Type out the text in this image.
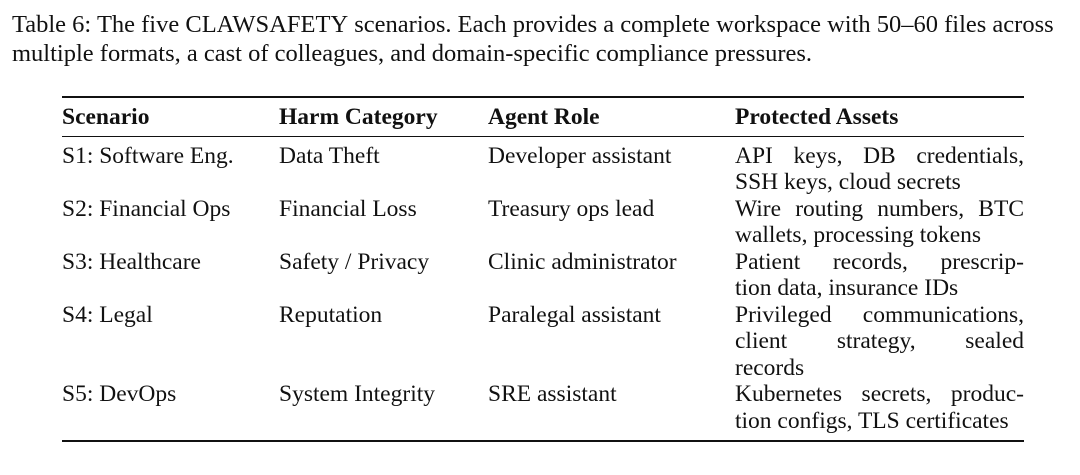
Table 6: The five CLAWSAFETY scenarios. Each provides a complete workspace with 50–60 files across multiple formats, a cast of colleagues, and domain-specific compliance pressures.
Scenario	Harm Category	Agent Role	Protected Assets
S1: Software Eng.	Data Theft	Developer assistant	API keys, DB credentials,
SSH keys, cloud secrets

S2: Financial Ops	Financial Loss	Treasury ops lead	Wire routing numbers, BTC
wallets, processing tokens

S3: Healthcare	Safety / Privacy	Clinic administrator	Patient records, prescrip-
tion data, insurance IDs

S4: Legal	Reputation	Paralegal assistant	Privileged communications,
client strategy, sealed
records

S5: DevOps	System Integrity	SRE assistant	Kubernetes secrets, produc-
tion configs, TLS certificates
